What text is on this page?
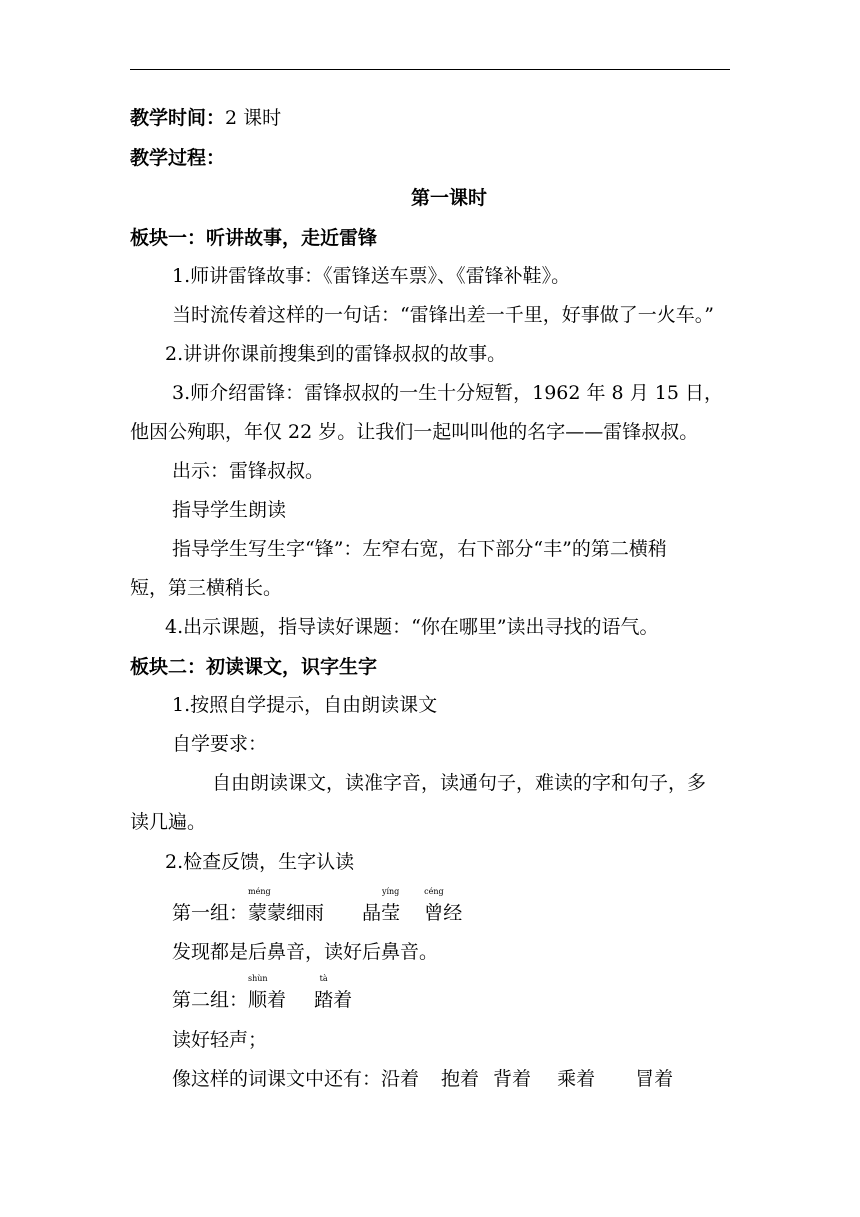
教学时间：2 课时
教学过程：
第一课时
板块一：听讲故事，走近雷锋
1.师讲雷锋故事：《雷锋送车票》、《雷锋补鞋》。
当时流传着这样的一句话：“雷锋出差一千里，好事做了一火车。”
2.讲讲你课前搜集到的雷锋叔叔的故事。
3.师介绍雷锋：雷锋叔叔的一生十分短暂，1962 年 8 月 15 日，
他因公殉职，年仅 22 岁。让我们一起叫叫他的名字——雷锋叔叔。
出示：雷锋叔叔。
指导学生朗读
指导学生写生字“锋”：左窄右宽，右下部分“丰”的第二横稍
短，第三横稍长。
4.出示课题，指导读好课题：“你在哪里”读出寻找的语气。
板块二：初读课文，识字生字
1.按照自学提示，自由朗读课文
自学要求：
自由朗读课文，读准字音，读通句子，难读的字和句子，多
读几遍。
2.检查反馈，生字认读
第一组：
méng
蒙蒙细雨 晶
yíng
莹
céng
曾经
发现都是后鼻音，读好后鼻音。
第二组：
shùn
顺着
tà
踏着
读好轻声；
像这样的词课文中还有：沿着 抱着 背着 乘着 冒着
